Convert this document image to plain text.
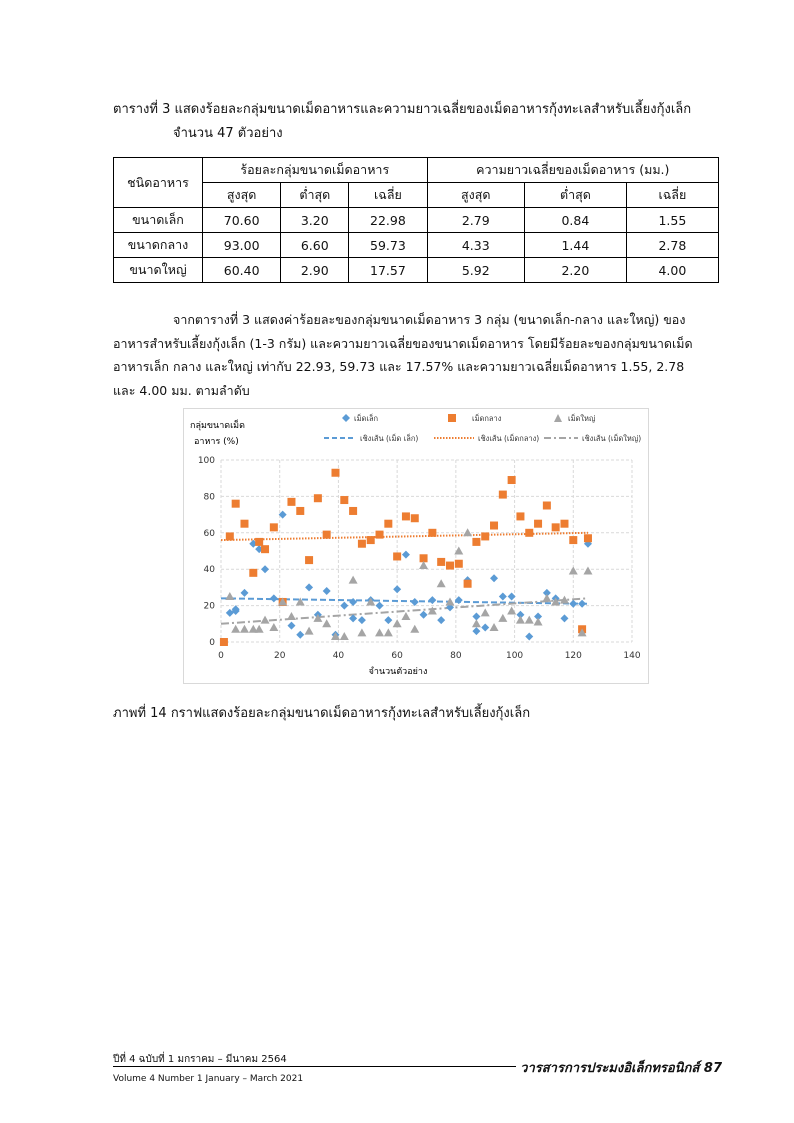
ตารางที่ 3 แสดงร้อยละกลุ่มขนาดเม็ดอาหารและความยาวเฉลี่ยของเม็ดอาหารกุ้งทะเลสำหรับเลี้ยงกุ้งเล็ก
จำนวน 47 ตัวอย่าง
ชนิดอาหาร	ร้อยละกลุ่มขนาดเม็ดอาหาร			ความยาวเฉลี่ยของเม็ดอาหาร (มม.)		
	สูงสุด	ต่ำสุด	เฉลี่ย	สูงสุด	ต่ำสุด	เฉลี่ย
ขนาดเล็ก	70.60	3.20	22.98	2.79	0.84	1.55
ขนาดกลาง	93.00	6.60	59.73	4.33	1.44	2.78
ขนาดใหญ่	60.40	2.90	17.57	5.92	2.20	4.00

จากตารางที่ 3 แสดงค่าร้อยละของกลุ่มขนาดเม็ดอาหาร 3 กลุ่ม (ขนาดเล็ก-กลาง และใหญ่) ของ

อาหารสำหรับเลี้ยงกุ้งเล็ก (1-3 กรัม) และความยาวเฉลี่ยของขนาดเม็ดอาหาร โดยมีร้อยละของกลุ่มขนาดเม็ด

อาหารเล็ก กลาง และใหญ่ เท่ากับ 22.93, 59.73 และ 17.57% และความยาวเฉลี่ยเม็ดอาหาร 1.55, 2.78

และ 4.00 มม. ตามลำดับ

กลุ่มขนาดเม็ด
อาหาร (%)
จำนวนตัวอย่าง
เม็ดเล็ก	เม็ดกลาง	เม็ดใหญ่
เชิงเส้น (เม็ด เล็ก)	เชิงเส้น (เม็ดกลาง)	เชิงเส้น (เม็ดใหญ่)
0
20
40
60
80
100
0	20	40	60	80	100	120	140
ภาพที่ 14 กราฟแสดงร้อยละกลุ่มขนาดเม็ดอาหารกุ้งทะเลสำหรับเลี้ยงกุ้งเล็ก
ปีที่ 4 ฉบับที่ 1 มกราคม – มีนาคม 2564
Volume 4 Number 1 January – March 2021
วารสารการประมงอิเล็กทรอนิกส์ 87
